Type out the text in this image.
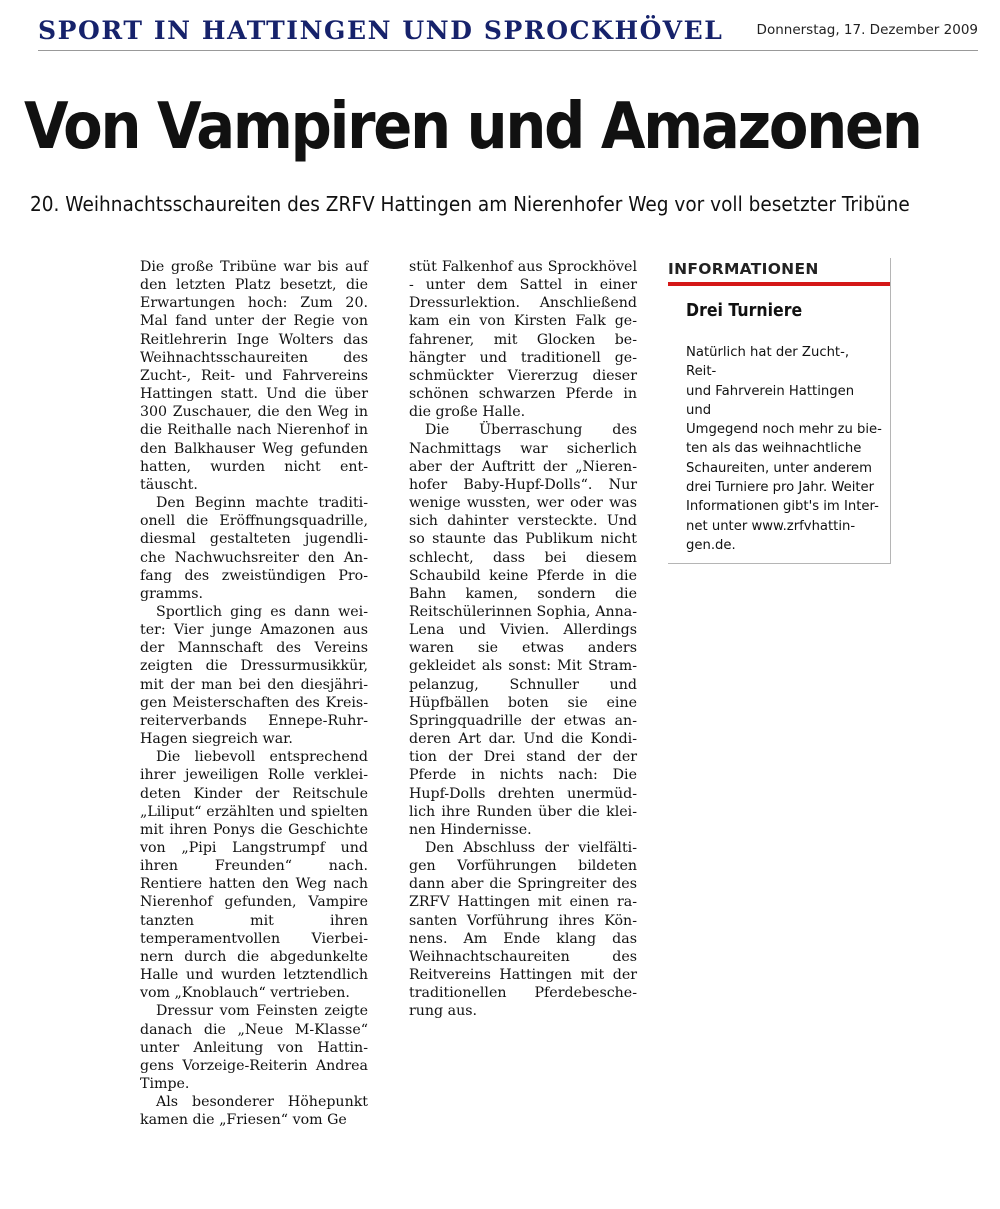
SPORT IN HATTINGEN UND SPROCKHÖVEL Donnerstag, 17. Dezember 2009
Von Vampiren und Amazonen
20. Weihnachtsschaureiten des ZRFV Hattingen am Nierenhofer Weg vor voll besetzter Tribüne

Die große Tribüne war bis auf den letzten Platz besetzt, die Erwartungen hoch: Zum 20. Mal fand unter der Regie von Reitlehrerin Inge Wolters das Weihnachtsschaureiten des Zucht-, Reit- und Fahrvereins Hattingen statt. Und die über 300 Zuschauer, die den Weg in die Reithalle nach Nierenhof in den Balkhauser Weg gefunden hatten, wurden nicht enttäuscht.

Den Beginn machte traditionell die Eröffnungsquadrille, diesmal gestalteten jugendliche Nachwuchsreiter den Anfang des zweistündigen Programms.

Sportlich ging es dann weiter: Vier junge Amazonen aus der Mannschaft des Vereins zeigten die Dressurmusikkür, mit der man bei den diesjährigen Meisterschaften des Kreisreiterverbands Ennepe-Ruhr-Hagen siegreich war.

Die liebevoll entsprechend ihrer jeweiligen Rolle verkleideten Kinder der Reitschule „Liliput“ erzählten und spielten mit ihren Ponys die Geschichte von „Pipi Langstrumpf und ihren Freunden“ nach. Rentiere hatten den Weg nach Nierenhof gefunden, Vampire tanzten mit ihren temperamentvollen Vierbeinern durch die abgedunkelte Halle und wurden letztendlich vom „Knoblauch“ vertrieben.

Dressur vom Feinsten zeigte danach die „Neue M-Klasse“ unter Anleitung von Hattingens Vorzeige-Reiterin Andrea Timpe.

Als besonderer Höhepunkt kamen die „Friesen“ vom Ge

stüt Falkenhof aus Sprockhövel - unter dem Sattel in einer Dressurlektion. Anschließend kam ein von Kirsten Falk gefahrener, mit Glocken behängter und traditionell geschmückter Viererzug dieser schönen schwarzen Pferde in die große Halle.

Die Überraschung des Nachmittags war sicherlich aber der Auftritt der „Nierenhofer Baby-Hupf-Dolls“. Nur wenige wussten, wer oder was sich dahinter versteckte. Und so staunte das Publikum nicht schlecht, dass bei diesem Schaubild keine Pferde in die Bahn kamen, sondern die Reitschülerinnen Sophia, Anna-Lena und Vivien. Allerdings waren sie etwas anders gekleidet als sonst: Mit Strampelanzug, Schnuller und Hüpfbällen boten sie eine Springquadrille der etwas anderen Art dar. Und die Kondition der Drei stand der der Pferde in nichts nach: Die Hupf-Dolls drehten unermüdlich ihre Runden über die kleinen Hindernisse.

Den Abschluss der vielfältigen Vorführungen bildeten dann aber die Springreiter des ZRFV Hattingen mit einen rasanten Vorführung ihres Könnens. Am Ende klang das Weihnachtschaureiten des Reitvereins Hattingen mit der traditionellen Pferdebescherung aus.

INFORMATIONEN
Drei Turniere
Natürlich hat der Zucht-, Reit-
und Fahrverein Hattingen und
Umgegend noch mehr zu bie-
ten als das weihnachtliche
Schaureiten, unter anderem
drei Turniere pro Jahr. Weiter
Informationen gibt's im Inter-
net unter www.zrfvhattin-
gen.de.
